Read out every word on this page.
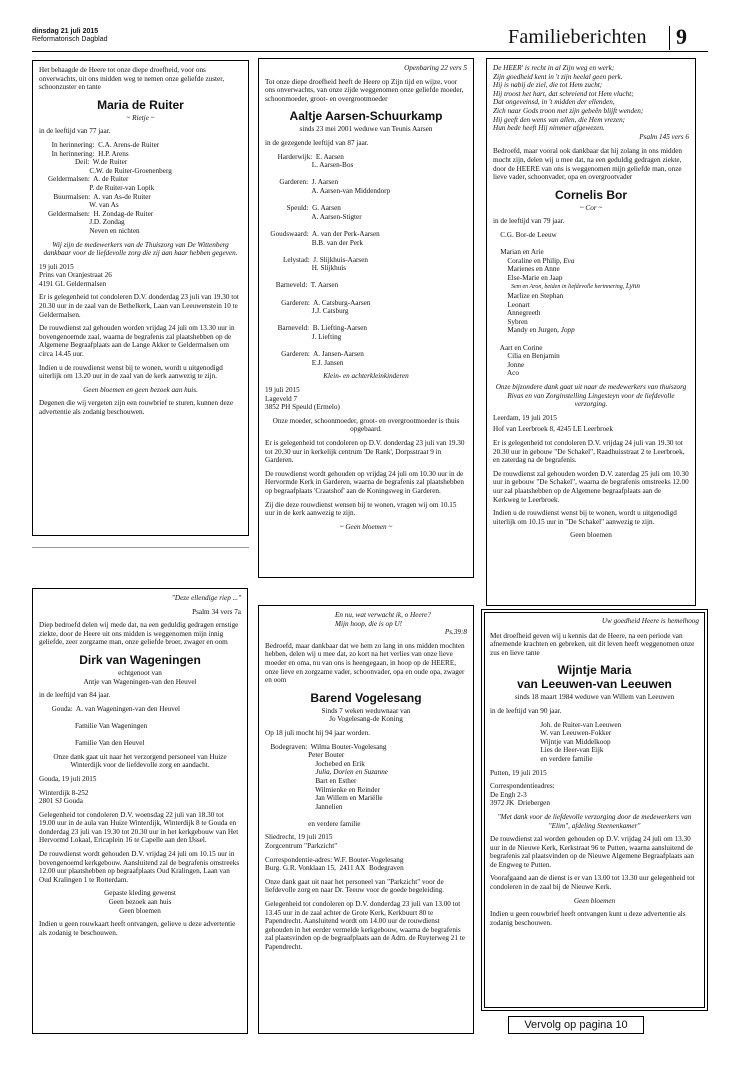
dinsdag 21 juli 2015
Reformatorisch Dagblad	Familieberichten 9

Het behaagde de Heere tot onze diepe droefheid, voor ons onverwachts, uit ons midden weg te nemen onze geliefde zuster, schoonzuster en tante

Maria de Ruiter
~ Rietje ~

in de leeftijd van 77 jaar.

In herinnering:  C.A. Arens-de Ruiter
In herinnering:  H.P. Arens
Deil:  W.de Ruiter
C.W. de Ruiter-Groenenberg
Geldermalsen:  A. de Ruiter
P. de Ruiter-van Lopik
Buurmalsen:  A. van As-de Ruiter
W. van As
Geldermalsen:  H. Zondag-de Ruiter
J.D. Zondag
Neven en nichten

Wij zijn de medewerkers van de Thuiszorg van De Wittenberg dankbaar voor de liefdevolle zorg die zij aan haar hebben gegeven.

19 juli 2015
Prins van Oranjestraat 26
4191 GL Geldermalsen

Er is gelegenheid tot condoleren D.V. donderdag 23 juli van 19.30 tot 20.30 uur in de zaal van de Bethelkerk, Laan van Leeuwenstein 10 te Geldermalsen.

De rouwdienst zal gehouden worden vrijdag 24 juli om 13.30 uur in bovengenoemde zaal, waarna de begrafenis zal plaatshebben op de Algemene Begraafplaats aan de Lange Akker te Geldermalsen om circa 14.45 uur.

Indien u de rouwdienst wenst bij te wonen, wordt u uitgenodigd uiterlijk om 13.20 uur in de zaal van de kerk aanwezig te zijn.

Geen bloemen en geen bezoek aan huis.

Degenen die wij vergeten zijn een rouwbrief te sturen, kunnen deze advertentie als zodanig beschouwen.

Openbaring 22 vers 5

Tot onze diepe droefheid heeft de Heere op Zijn tijd en wijze, voor ons onverwachts, van onze zijde weggenomen onze geliefde moeder, schoonmoeder, groot- en overgrootmoeder

Aaltje Aarsen-Schuurkamp
sinds 23 mei 2001 weduwe van Teunis Aarsen

in de gezegende leeftijd van 87 jaar.

Harderwijk:  E. Aarsen
L. Aarsen-Bos

Garderen:  J. Aarsen
A. Aarsen-van Middendorp

Speuld:  G. Aarsen
A. Aarsen-Stigter

Goudswaard:  A. van der Perk-Aarsen
B.B. van der Perk

Lelystad:  J. Slijkhuis-Aarsen
H. Slijkhuis

Barneveld:  T. Aarsen

Garderen:  A. Catsburg-Aarsen
J.J. Catsburg

Barneveld:  B. Liefting-Aarsen
J. Liefting

Garderen:  A. Jansen-Aarsen
E.J. Jansen

Klein- en achterkleinkinderen

19 juli 2015
Lageveld 7
3852 PH Speuld (Ermelo)

Onze moeder, schoonmoeder, groot- en overgrootmoeder is thuis opgebaard.

Er is gelegenheid tot condoleren op D.V. donderdag 23 juli van 19.30 tot 20.30 uur in kerkelijk centrum 'De Rank', Dorpsstraat 9 in Garderen.

De rouwdienst wordt gehouden op vrijdag 24 juli om 10.30 uur in de Hervormde Kerk in Garderen, waarna de begrafenis zal plaatshebben op begraafplaats 'Craatshof' aan de Koningsweg in Garderen.

Zij die deze rouwdienst wensen bij te wonen, vragen wij om 10.15 uur in de kerk aanwezig te zijn.

~ Geen bloemen ~

De HEER' is recht in al Zijn weg en werk;
Zijn goedheid kent in 't zijn heelal geen perk.
Hij is nabij de ziel, die tot Hem zucht;
Hij troost het hart, dat schreiend tot Hem vlucht;
Dat ongeveinsd, in 't midden der ellenden,
Zich naar Gods troon met zijn gebeên blijft wenden;
Hij geeft den wens van allen, die Hem vrezen;
Hun bede heeft Hij nimmer afgewezen.
Psalm 145 vers 6

Bedroefd, maar vooral ook dankbaar dat hij zolang in ons midden mocht zijn, delen wij u mee dat, na een geduldig gedragen ziekte, door de HEERE van ons is weggenomen mijn geliefde man, onze lieve vader, schoonvader, opa en overgrootvader

Cornelis Bor
~ Cor ~

in de leeftijd van 79 jaar.

C.G. Bor-de Leeuw

Marian en Arie
Coraline en Philip, Eva
Marienes en Anne
Else-Marie en Jaap
Sem en Aron, beiden in liefdevolle herinnering, Lynn
Marlize en Stephan
Leonart
Annegreeth
Sybren
Mandy en Jurgen, Jopp

Aart en Corine
Cilia en Benjamin
Jonne
Aco

Onze bijzondere dank gaat uit naar de medewerkers van thuiszorg Rivas en van Zorginstelling Lingesteyn voor de liefdevolle verzorging.

Leerdam, 19 juli 2015

Hof van Leerbroek 8, 4245 LE Leerbroek

Er is gelegenheid tot condoleren D.V. vrijdag 24 juli van 19.30 tot 20.30 uur in gebouw "De Schakel", Raadhuisstraat 2 te Leerbroek, en zaterdag na de begrafenis.

De rouwdienst zal gehouden worden D.V. zaterdag 25 juli om 10.30 uur in gebouw "De Schakel", waarna de begrafenis omstreeks 12.00 uur zal plaatshebben op de Algemene begraafplaats aan de Kerkweg te Leerbroek.

Indien u de rouwdienst wenst bij te wonen, wordt u uitgenodigd uiterlijk om 10.15 uur in "De Schakel" aanwezig te zijn.

Geen bloemen

"Deze ellendige riep ..."
Psalm 34 vers 7a

Diep bedroefd delen wij mede dat, na een geduldig gedragen ernstige ziekte, door de Heere uit ons midden is weggenomen mijn innig geliefde, zeer zorgzame man, onze geliefde broer, zwager en oom

Dirk van Wageningen
echtgenoot van
Antje van Wageningen-van den Heuvel

in de leeftijd van 84 jaar.

Gouda:  A. van Wageningen-van den Heuvel

Familie Van Wageningen

Familie Van den Heuvel

Onze dank gaat uit naar het verzorgend personeel van Huize Winterdijk voor de liefdevolle zorg en aandacht.

Gouda, 19 juli 2015

Winterdijk 8-252
2801 SJ Gouda

Gelegenheid tot condoleren D.V. woensdag 22 juli van 18.30 tot 19.00 uur in de aula van Huize Winterdijk, Winterdijk 8 te Gouda en donderdag 23 juli van 19.30 tot 20.30 uur in het kerkgebouw van Het Hervormd Lokaal, Ericaplein 16 te Capelle aan den IJssel.

De rouwdienst wordt gehouden D.V. vrijdag 24 juli om 10.15 uur in bovengenoemd kerkgebouw. Aansluitend zal de begrafenis omstreeks 12.00 uur plaatshebben op begraafplaats Oud Kralingen, Laan van Oud Kralingen 1 te Rotterdam.

Gepaste kleding gewenst
Geen bezoek aan huis
Geen bloemen

Indien u geen rouwkaart heeft ontvangen, gelieve u deze advertentie als zodanig te beschouwen.

En nu, wat verwacht ik, o Heere?
Mijn hoop, die is op U!
Ps.39:8

Bedroefd, maar dankbaar dat we hem zo lang in ons midden mochten hebben, delen wij u mee dat, zo kort na het verlies van onze lieve moeder en oma, nu van ons is heengegaan, in hoop op de HEERE, onze lieve en zorgzame vader, schoonvader, opa en oude opa, zwager en oom

Barend Vogelesang
Sinds 7 weken weduwnaar van
Jo Vogelesang-de Koning

Op 18 juli mocht hij 94 jaar worden.

Bodegraven:  Wilma Bouter-Vogelesang
Peter Bouter
Jochebed en Erik
Julia, Dorien en Suzanne
Bart en Esther
Wilmienke en Reinder
Jan Willem en Mariëlle
Jannelien

en verdere familie
Sliedrecht, 19 juli 2015
Zorgcentrum "Parkzicht"
Correspondentie-adres: W.F. Bouter-Vogelesang
Burg. G.R. Vonklaan 15,  2411 AX  Bodegraven

Onze dank gaat uit naar het personeel van "Parkzicht" voor de liefdevolle zorg en naar Dr. Teeuw voor de goede begeleiding.

Gelegenheid tot condoleren op D.V. donderdag 23 juli van 13.00 tot 13.45 uur in de zaal achter de Grote Kerk, Kerkbuurt 80 te Papendrecht. Aansluitend wordt om 14.00 uur de rouwdienst gehouden in het eerder vermelde kerkgebouw, waarna de begrafenis zal plaatsvinden op de begraafplaats aan de Adm. de Ruyterweg 21 te Papendrecht.

Uw goedheid Heere is hemelhoog

Met droefheid geven wij u kennis dat de Heere, na een periode van afnemende krachten en gebreken, uit dit leven heeft weggenomen onze zus en lieve tante

Wijntje Maria
van Leeuwen-van Leeuwen
sinds 18 maart 1984 weduwe van Willem van Leeuwen

in de leeftijd van 90 jaar.

Joh. de Ruiter-van Leeuwen
W. van Leeuwen-Fokker
Wijntje van Middelkoop
Lies de Heer-van Eijk
en verdere familie

Putten, 19 juli 2015

Correspondentieadres:
De Engh 2-3
3972 JK  Driebergen

"Met dank voor de liefdevolle verzorging door de medewerkers van "Elim", afdeling Steenenkamer"

De rouwdienst zal worden gehouden op D.V. vrijdag 24 juli om 13.30 uur in de Nieuwe Kerk, Kerkstraat 96 te Putten, waarna aansluitend de begrafenis zal plaatsvinden op de Nieuwe Algemene Begraafplaats aan de Engweg te Putten.

Voorafgaand aan de dienst is er van 13.00 tot 13.30 uur gelegenheid tot condoleren in de zaal bij de Nieuwe Kerk.

Geen bloemen

Indien u geen rouwbrief heeft ontvangen kunt u deze advertentie als zodanig beschouwen.

Vervolg op pagina 10
